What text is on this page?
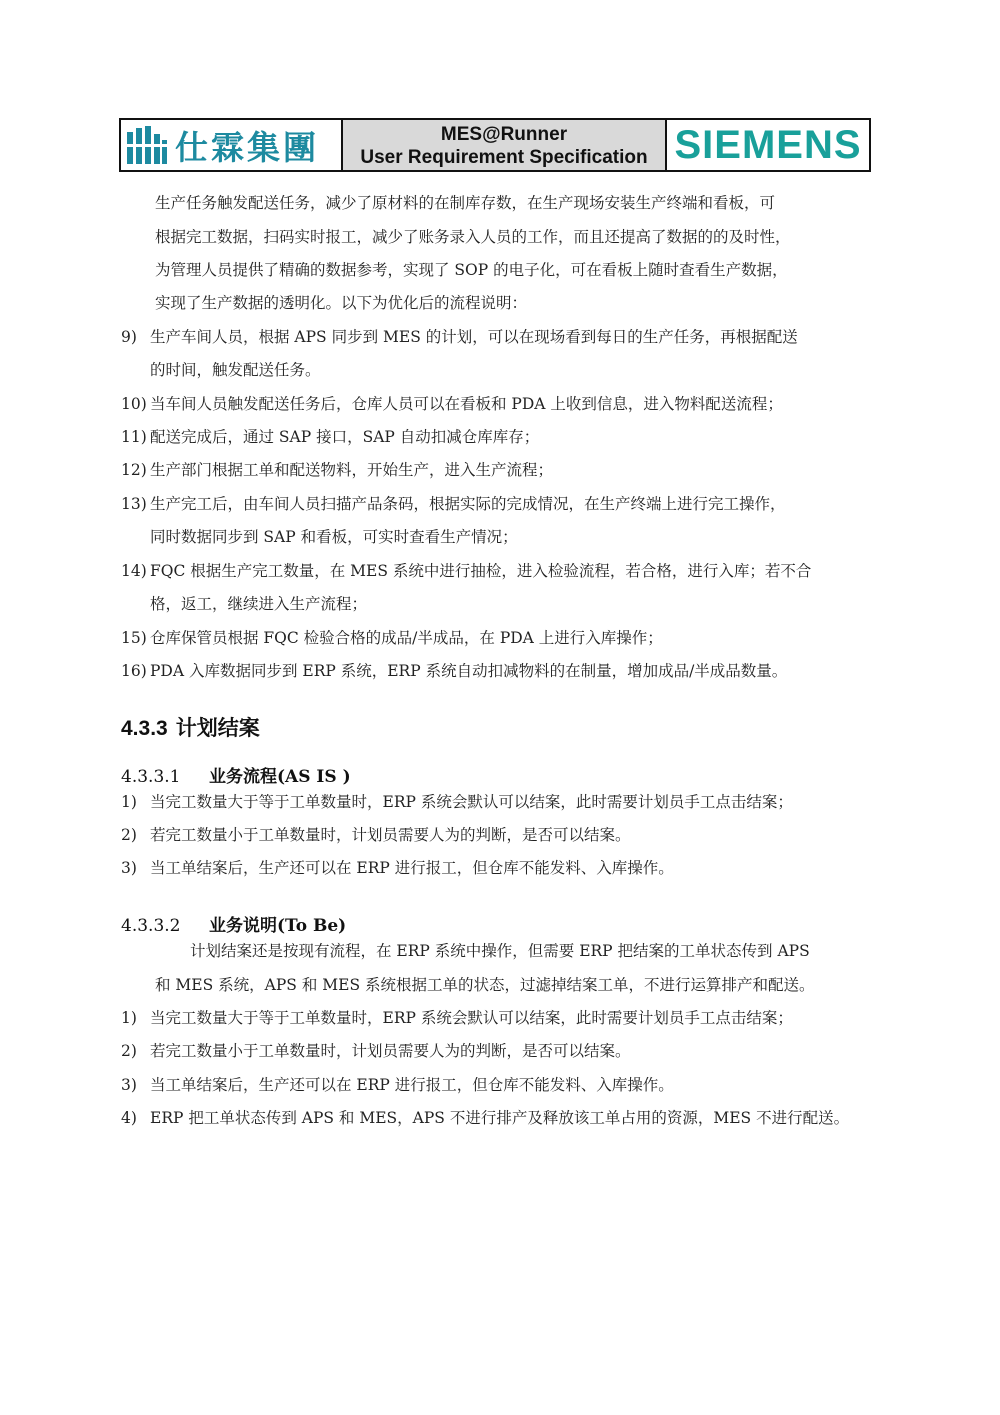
仕霖集團	MES@Runner
User Requirement Specification SIEMENS
生产任务触发配送任务，减少了原材料的在制库存数，在生产现场安装生产终端和看板，可
根据完工数据，扫码实时报工，减少了账务录入人员的工作，而且还提高了数据的的及时性，
为管理人员提供了精确的数据参考，实现了 SOP 的电子化，可在看板上随时查看生产数据，
实现了生产数据的透明化。以下为优化后的流程说明：
9) 生产车间人员，根据 APS 同步到 MES 的计划，可以在现场看到每日的生产任务，再根据配送
的时间，触发配送任务。
10) 当车间人员触发配送任务后，仓库人员可以在看板和 PDA 上收到信息，进入物料配送流程；
11) 配送完成后，通过 SAP 接口，SAP 自动扣减仓库库存；
12) 生产部门根据工单和配送物料，开始生产，进入生产流程；
13) 生产完工后，由车间人员扫描产品条码，根据实际的完成情况，在生产终端上进行完工操作，
同时数据同步到 SAP 和看板，可实时查看生产情况；
14) FQC 根据生产完工数量，在 MES 系统中进行抽检，进入检验流程，若合格，进行入库；若不合
格，返工，继续进入生产流程；
15) 仓库保管员根据 FQC 检验合格的成品/半成品，在 PDA 上进行入库操作；
16) PDA 入库数据同步到 ERP 系统，ERP 系统自动扣减物料的在制量，增加成品/半成品数量。
4.3.3 计划结案
4.3.3.1 业务流程(AS IS )
1) 当完工数量大于等于工单数量时，ERP 系统会默认可以结案，此时需要计划员手工点击结案；
2) 若完工数量小于工单数量时，计划员需要人为的判断，是否可以结案。
3) 当工单结案后，生产还可以在 ERP 进行报工，但仓库不能发料、入库操作。
4.3.3.2 业务说明(To Be)
计划结案还是按现有流程，在 ERP 系统中操作，但需要 ERP 把结案的工单状态传到 APS
和 MES 系统，APS 和 MES 系统根据工单的状态，过滤掉结案工单，不进行运算排产和配送。
1) 当完工数量大于等于工单数量时，ERP 系统会默认可以结案，此时需要计划员手工点击结案；
2) 若完工数量小于工单数量时，计划员需要人为的判断，是否可以结案。
3) 当工单结案后，生产还可以在 ERP 进行报工，但仓库不能发料、入库操作。
4) ERP 把工单状态传到 APS 和 MES，APS 不进行排产及释放该工单占用的资源，MES 不进行配送。
